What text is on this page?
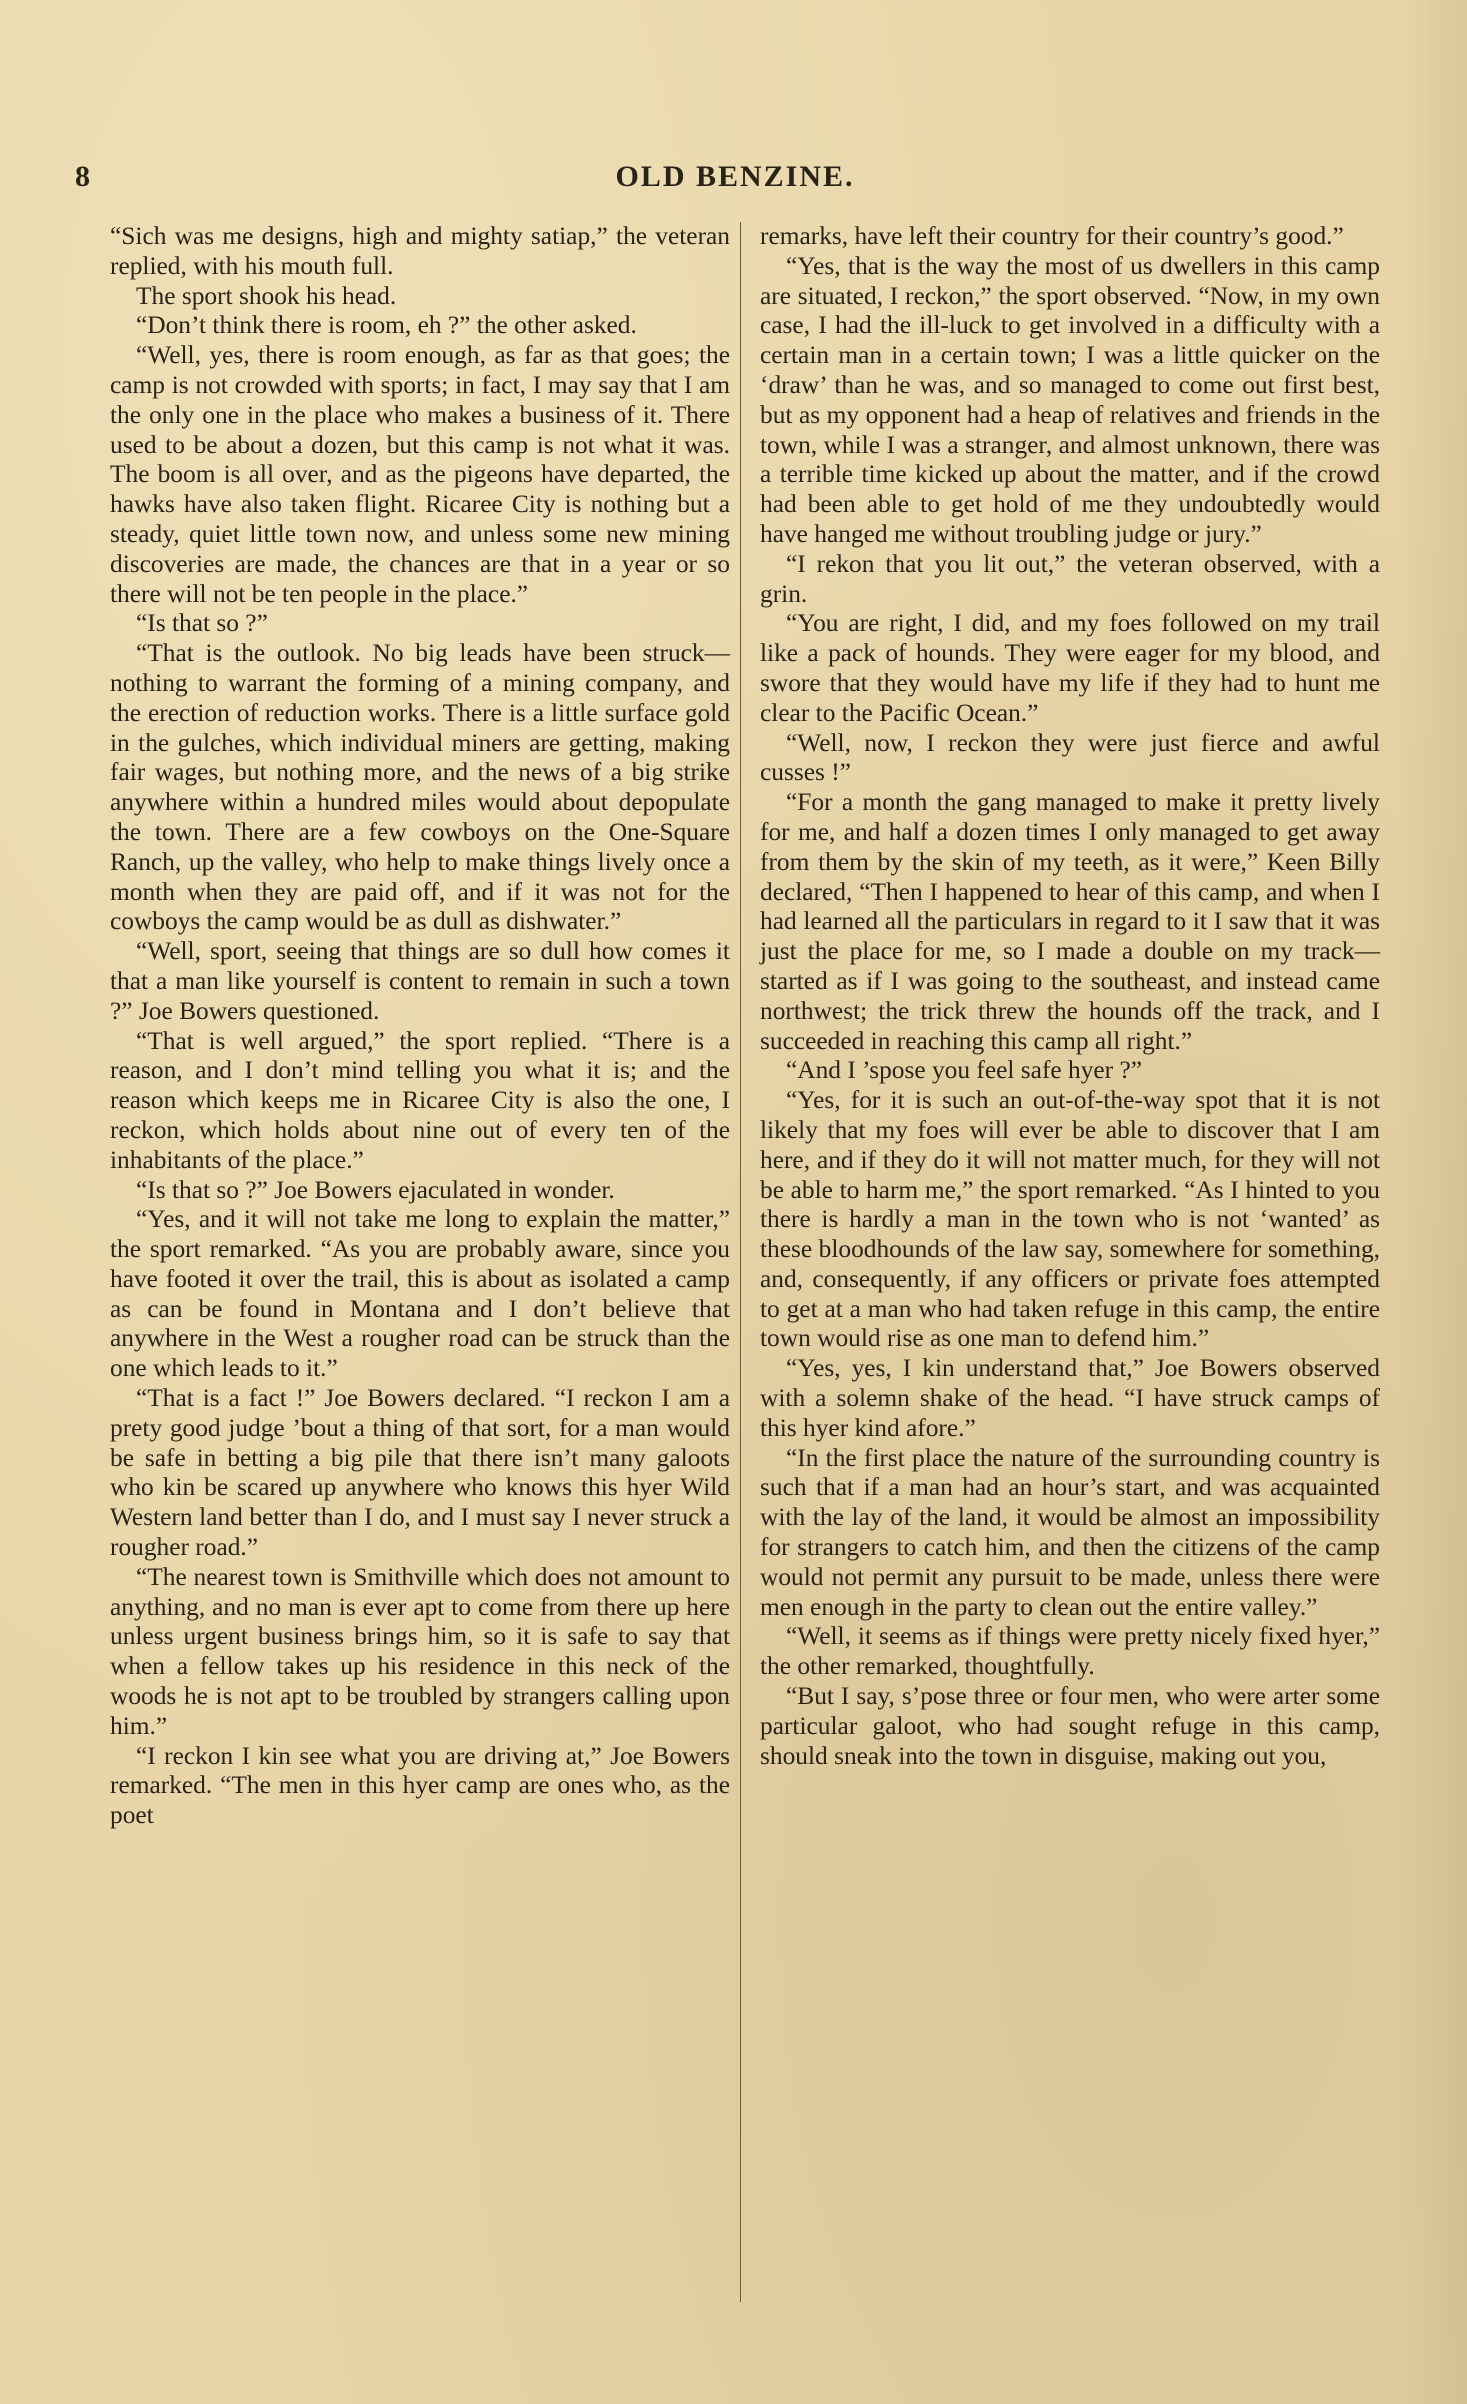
8	OLD BENZINE.

“Sich was me designs, high and mighty satiap,” the veteran replied, with his mouth full.

The sport shook his head.

“Don’t think there is room, eh ?” the other asked.

“Well, yes, there is room enough, as far as that goes; the camp is not crowded with sports; in fact, I may say that I am the only one in the place who makes a business of it. There used to be about a dozen, but this camp is not what it was. The boom is all over, and as the pigeons have departed, the hawks have also taken flight. Ricaree City is nothing but a steady, quiet little town now, and unless some new mining discoveries are made, the chances are that in a year or so there will not be ten people in the place.”

“Is that so ?”

“That is the outlook. No big leads have been struck—nothing to warrant the forming of a mining company, and the erection of reduction works. There is a little surface gold in the gulches, which individual miners are getting, making fair wages, but nothing more, and the news of a big strike anywhere within a hundred miles would about depopulate the town. There are a few cowboys on the One-Square Ranch, up the valley, who help to make things lively once a month when they are paid off, and if it was not for the cowboys the camp would be as dull as dishwater.”

“Well, sport, seeing that things are so dull how comes it that a man like yourself is content to remain in such a town ?” Joe Bowers questioned.

“That is well argued,” the sport replied. “There is a reason, and I don’t mind telling you what it is; and the reason which keeps me in Ricaree City is also the one, I reckon, which holds about nine out of every ten of the inhabitants of the place.”

“Is that so ?” Joe Bowers ejaculated in wonder.

“Yes, and it will not take me long to explain the matter,” the sport remarked. “As you are probably aware, since you have footed it over the trail, this is about as isolated a camp as can be found in Montana and I don’t believe that anywhere in the West a rougher road can be struck than the one which leads to it.”

“That is a fact !” Joe Bowers declared. “I reckon I am a prety good judge ’bout a thing of that sort, for a man would be safe in betting a big pile that there isn’t many galoots who kin be scared up anywhere who knows this hyer Wild Western land better than I do, and I must say I never struck a rougher road.”

“The nearest town is Smithville which does not amount to anything, and no man is ever apt to come from there up here unless urgent business brings him, so it is safe to say that when a fellow takes up his residence in this neck of the woods he is not apt to be troubled by strangers calling upon him.”

“I reckon I kin see what you are driving at,” Joe Bowers remarked. “The men in this hyer camp are ones who, as the poet

remarks, have left their country for their country’s good.”

“Yes, that is the way the most of us dwellers in this camp are situated, I reckon,” the sport observed. “Now, in my own case, I had the ill-luck to get involved in a difficulty with a certain man in a certain town; I was a little quicker on the ‘draw’ than he was, and so managed to come out first best, but as my opponent had a heap of relatives and friends in the town, while I was a stranger, and almost unknown, there was a terrible time kicked up about the matter, and if the crowd had been able to get hold of me they undoubtedly would have hanged me without troubling judge or jury.”

“I rekon that you lit out,” the veteran observed, with a grin.

“You are right, I did, and my foes followed on my trail like a pack of hounds. They were eager for my blood, and swore that they would have my life if they had to hunt me clear to the Pacific Ocean.”

“Well, now, I reckon they were just fierce and awful cusses !”

“For a month the gang managed to make it pretty lively for me, and half a dozen times I only managed to get away from them by the skin of my teeth, as it were,” Keen Billy declared, “Then I happened to hear of this camp, and when I had learned all the particulars in regard to it I saw that it was just the place for me, so I made a double on my track—started as if I was going to the southeast, and instead came northwest; the trick threw the hounds off the track, and I succeeded in reaching this camp all right.”

“And I ’spose you feel safe hyer ?”

“Yes, for it is such an out-of-the-way spot that it is not likely that my foes will ever be able to discover that I am here, and if they do it will not matter much, for they will not be able to harm me,” the sport remarked. “As I hinted to you there is hardly a man in the town who is not ‘wanted’ as these bloodhounds of the law say, somewhere for something, and, consequently, if any officers or private foes attempted to get at a man who had taken refuge in this camp, the entire town would rise as one man to defend him.”

“Yes, yes, I kin understand that,” Joe Bowers observed with a solemn shake of the head. “I have struck camps of this hyer kind afore.”

“In the first place the nature of the surrounding country is such that if a man had an hour’s start, and was acquainted with the lay of the land, it would be almost an impossibility for strangers to catch him, and then the citizens of the camp would not permit any pursuit to be made, unless there were men enough in the party to clean out the entire valley.”

“Well, it seems as if things were pretty nicely fixed hyer,” the other remarked, thoughtfully.

“But I say, s’pose three or four men, who were arter some particular galoot, who had sought refuge in this camp, should sneak into the town in disguise, making out you,
